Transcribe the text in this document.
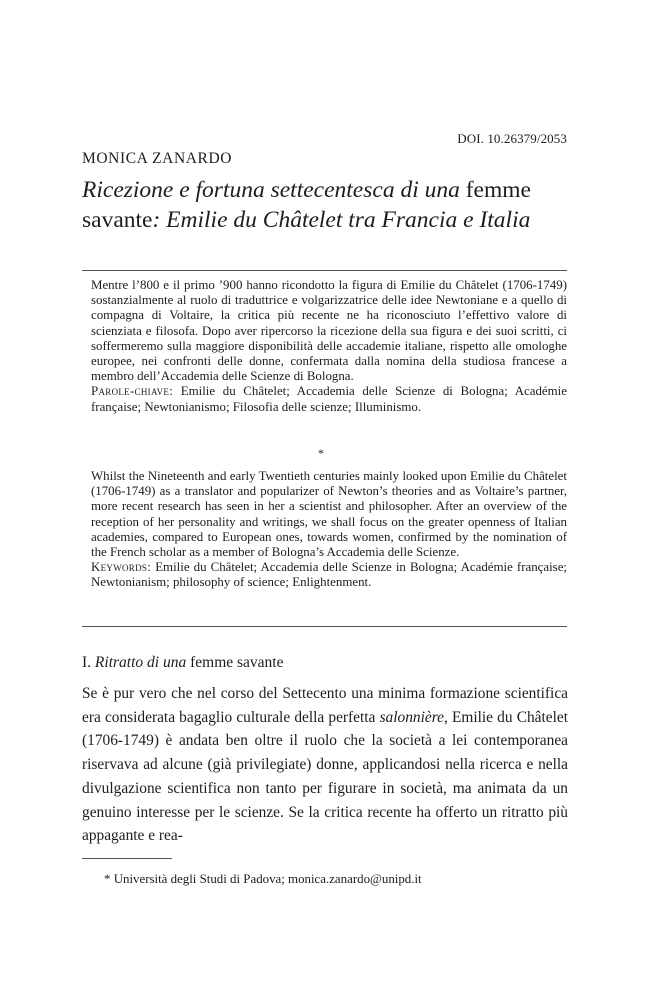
DOI. 10.26379/2053
MONICA ZANARDO
Ricezione e fortuna settecentesca di una femme savante: Emilie du Châtelet tra Francia e Italia

Mentre l’800 e il primo ’900 hanno ricondotto la figura di Emilie du Châtelet (1706-1749) sostanzialmente al ruolo di traduttrice e volgarizzatrice delle idee Newtoniane e a quello di compagna di Voltaire, la critica più recente ne ha riconosciuto l’effettivo valore di scienziata e filosofa. Dopo aver ripercorso la ricezione della sua figura e dei suoi scritti, ci soffermeremo sulla maggiore disponibilità delle accademie italiane, rispetto alle omologhe europee, nei confronti delle donne, confermata dalla nomina della studiosa francese a membro dell’Accademia delle Scienze di Bologna.

Parole-chiave: Emilie du Châtelet; Accademia delle Scienze di Bologna; Académie française; Newtonianismo; Filosofia delle scienze; Illuminismo.

*

Whilst the Nineteenth and early Twentieth centuries mainly looked upon Emilie du Châtelet (1706-1749) as a translator and popularizer of Newton’s theories and as Voltaire’s partner, more recent research has seen in her a scientist and philosopher. After an overview of the reception of her personality and writings, we shall focus on the greater openness of Italian academies, compared to European ones, towards women, confirmed by the nomination of the French scholar as a member of Bologna’s Accademia delle Scienze.

Keywords: Emilie du Châtelet; Accademia delle Scienze in Bologna; Académie française; Newtonianism; philosophy of science; Enlightenment.

I. Ritratto di una femme savante

Se è pur vero che nel corso del Settecento una minima formazione scientifica era considerata bagaglio culturale della perfetta salonnière, Emilie du Châtelet (1706-1749) è andata ben oltre il ruolo che la società a lei contemporanea riservava ad alcune (già privilegiate) donne, applicandosi nella ricerca e nella divulgazione scientifica non tanto per figurare in società, ma animata da un genuino interesse per le scienze. Se la critica recente ha offerto un ritratto più appagante e rea-

* Università degli Studi di Padova; monica.zanardo@unipd.it
